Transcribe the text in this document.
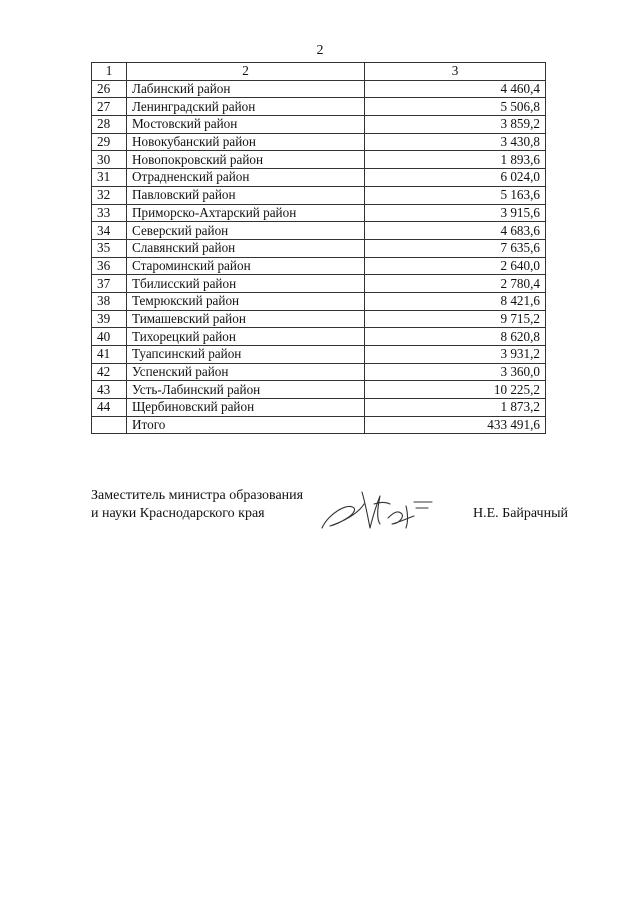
2
1	2	3
26	Лабинский район	4 460,4
27	Ленинградский район	5 506,8
28	Мостовский район	3 859,2
29	Новокубанский район	3 430,8
30	Новопокровский район	1 893,6
31	Отрадненский район	6 024,0
32	Павловский район	5 163,6
33	Приморско-Ахтарский район	3 915,6
34	Северский район	4 683,6
35	Славянский район	7 635,6
36	Староминский район	2 640,0
37	Тбилисский район	2 780,4
38	Темрюкский район	8 421,6
39	Тимашевский район	9 715,2
40	Тихорецкий район	8 620,8
41	Туапсинский район	3 931,2
42	Успенский район	3 360,0
43	Усть-Лабинский район	10 225,2
44	Щербиновский район	1 873,2
	Итого	433 491,6
Заместитель министра образования
и науки Краснодарского края	Н.Е. Байрачный
